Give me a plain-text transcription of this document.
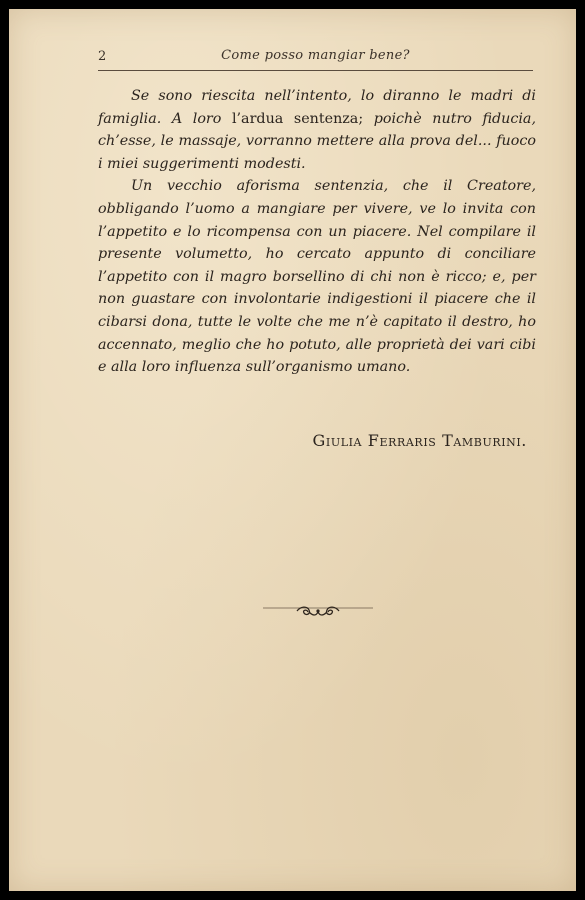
2	Come posso mangiar bene?

Se sono riescita nell’intento, lo diranno le madri di famiglia. A loro l’ardua sentenza; poichè nutro fiducia, ch’esse, le massaje, vorranno mettere alla prova del... fuoco i miei suggerimenti modesti.

Un vecchio aforisma sentenzia, che il Creatore, obbligando l’uomo a mangiare per vivere, ve lo invita con l’appetito e lo ricompensa con un piacere. Nel compilare il presente volumetto, ho cercato appunto di conciliare l’appetito con il magro borsellino di chi non è ricco; e, per non guastare con involontarie indigestioni il piacere che il cibarsi dona, tutte le volte che me n’è capitato il destro, ho accennato, meglio che ho potuto, alle proprietà dei vari cibi e alla loro influenza sull’organismo umano.

Giulia Ferraris Tamburini.
